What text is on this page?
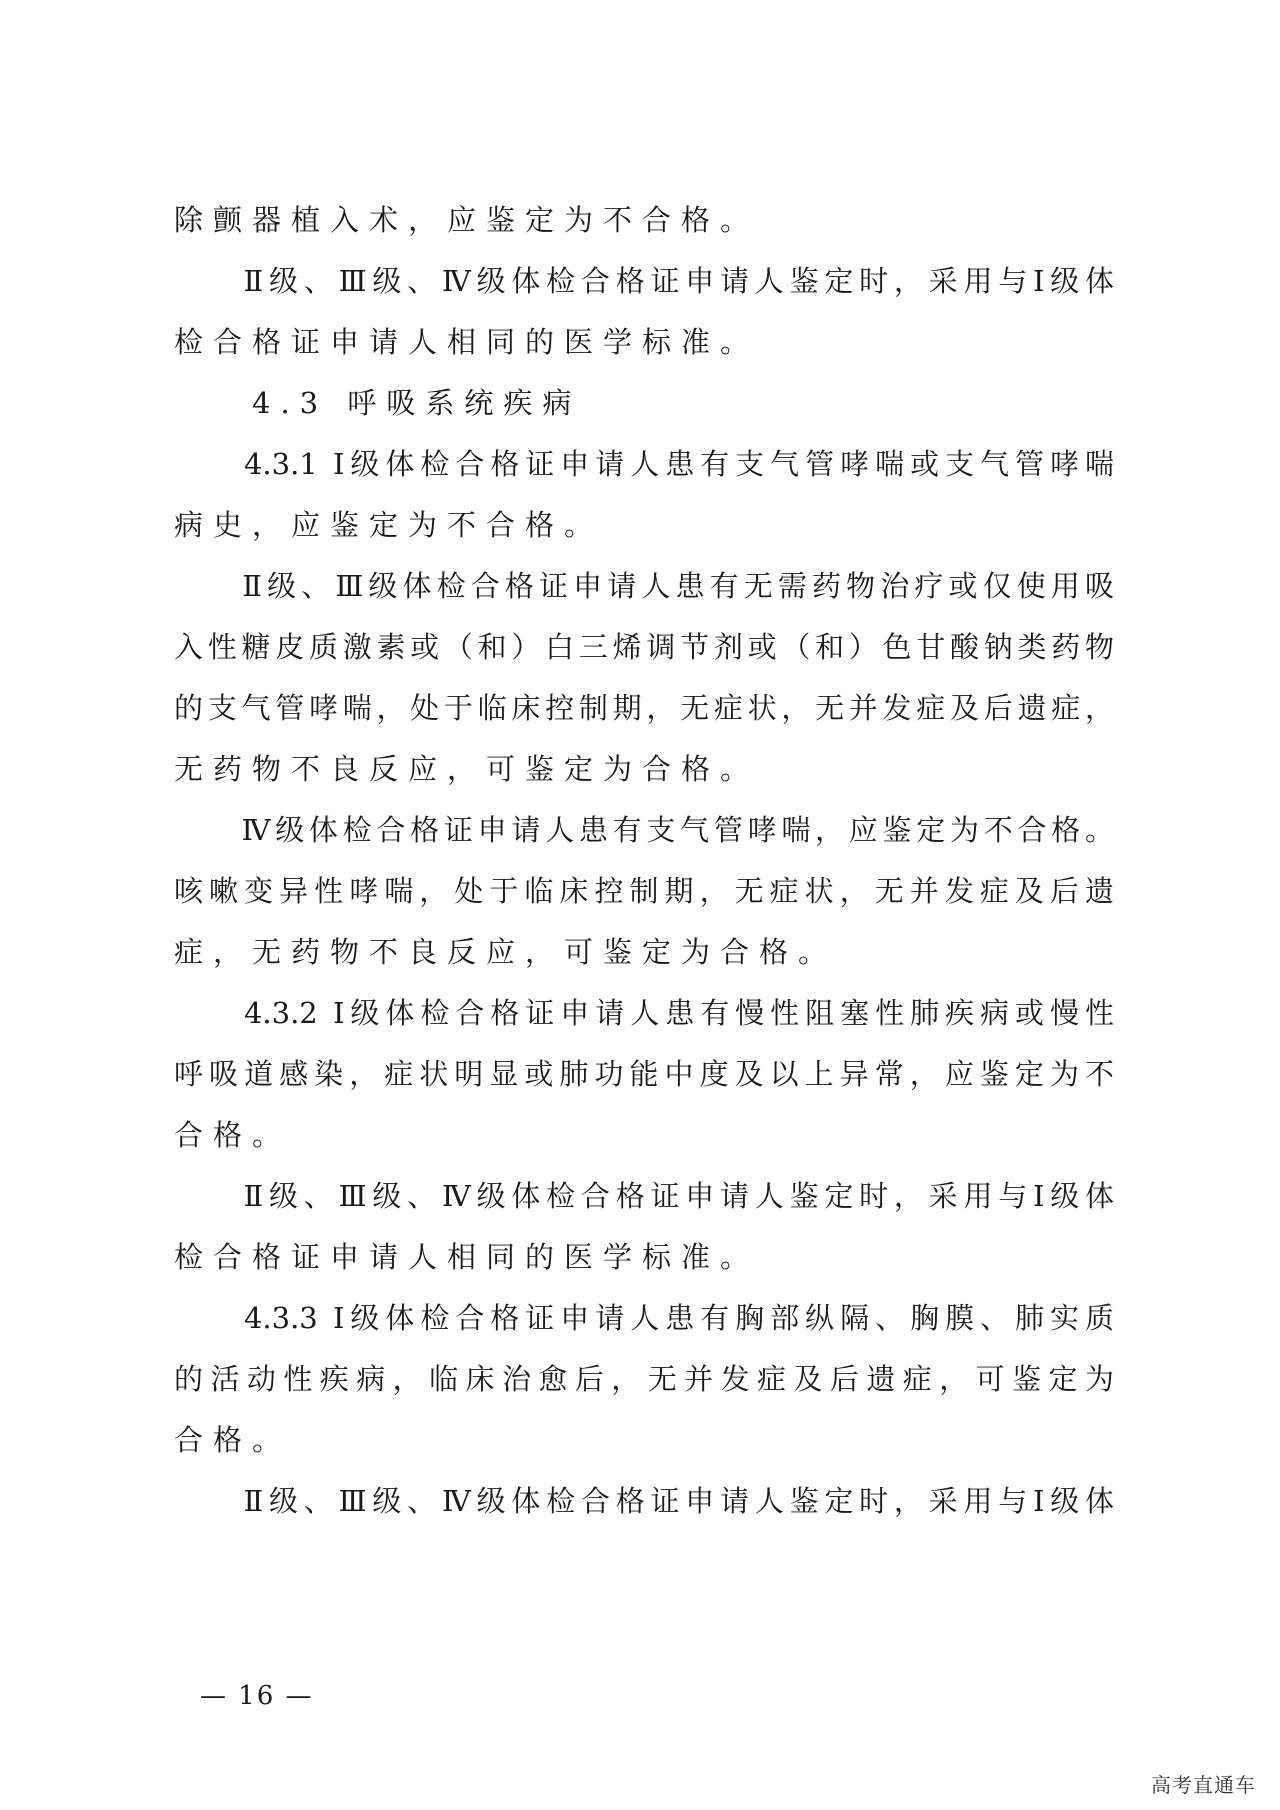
除颤器植入术，应鉴定为不合格。
　　Ⅱ级、Ⅲ级、Ⅳ级体检合格证申请人鉴定时，采用与Ⅰ级体
检合格证申请人相同的医学标准。
　　4.3 呼吸系统疾病
　　4.3.1 Ⅰ级体检合格证申请人患有支气管哮喘或支气管哮喘
病史，应鉴定为不合格。
　　Ⅱ级、Ⅲ级体检合格证申请人患有无需药物治疗或仅使用吸
入性糖皮质激素或（和）白三烯调节剂或（和）色甘酸钠类药物
的支气管哮喘，处于临床控制期，无症状，无并发症及后遗症，
无药物不良反应，可鉴定为合格。
　　Ⅳ级体检合格证申请人患有支气管哮喘，应鉴定为不合格。
咳嗽变异性哮喘，处于临床控制期，无症状，无并发症及后遗
症，无药物不良反应，可鉴定为合格。
　　4.3.2 Ⅰ级体检合格证申请人患有慢性阻塞性肺疾病或慢性
呼吸道感染，症状明显或肺功能中度及以上异常，应鉴定为不
合格。
　　Ⅱ级、Ⅲ级、Ⅳ级体检合格证申请人鉴定时，采用与Ⅰ级体
检合格证申请人相同的医学标准。
　　4.3.3 Ⅰ级体检合格证申请人患有胸部纵隔、胸膜、肺实质
的活动性疾病，临床治愈后，无并发症及后遗症，可鉴定为
合格。
　　Ⅱ级、Ⅲ级、Ⅳ级体检合格证申请人鉴定时，采用与Ⅰ级体
— 16 —
高考直通车
